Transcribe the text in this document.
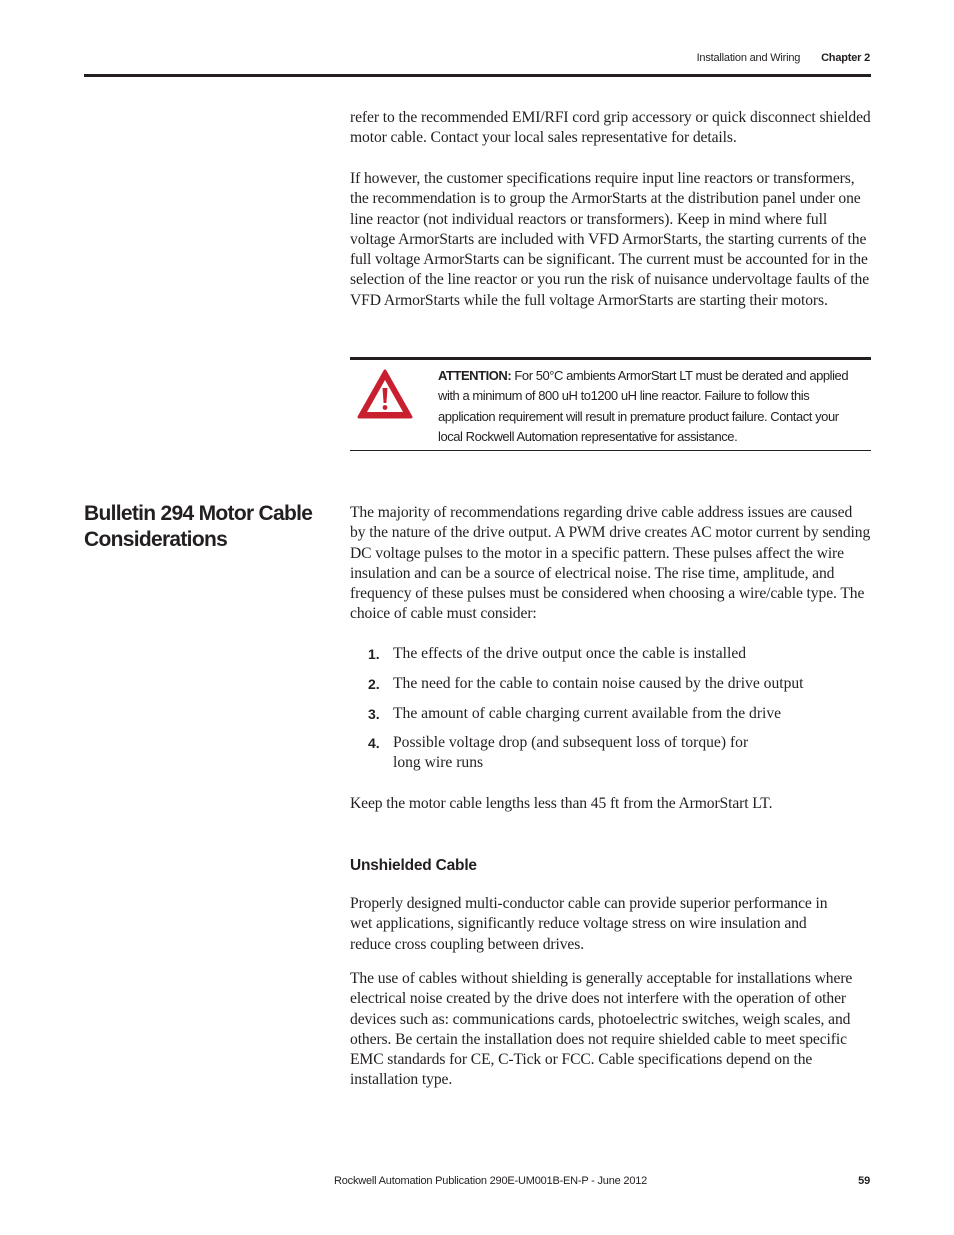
Installation and Wiring Chapter 2

refer to the recommended EMI/RFI cord grip accessory or quick disconnect shielded motor cable. Contact your local sales representative for details.

If however, the customer specifications require input line reactors or transformers, the recommendation is to group the ArmorStarts at the distribution panel under one line reactor (not individual reactors or transformers). Keep in mind where full voltage ArmorStarts are included with VFD ArmorStarts, the starting currents of the full voltage ArmorStarts can be significant. The current must be accounted for in the selection of the line reactor or you run the risk of nuisance undervoltage faults of the VFD ArmorStarts while the full voltage ArmorStarts are starting their motors.

ATTENTION: For 50°C ambients ArmorStart LT must be derated and applied with a minimum of 800 uH to1200 uH line reactor. Failure to follow this application requirement will result in premature product failure. Contact your local Rockwell Automation representative for assistance.
Bulletin 294 Motor Cable Considerations

The majority of recommendations regarding drive cable address issues are caused by the nature of the drive output. A PWM drive creates AC motor current by sending DC voltage pulses to the motor in a specific pattern. These pulses affect the wire insulation and can be a source of electrical noise. The rise time, amplitude, and frequency of these pulses must be considered when choosing a wire/cable type. The choice of cable must consider:

1. The effects of the drive output once the cable is installed
2. The need for the cable to contain noise caused by the drive output
3. The amount of cable charging current available from the drive
4. Possible voltage drop (and subsequent loss of torque) for long wire runs

Keep the motor cable lengths less than 45 ft from the ArmorStart LT.

Unshielded Cable

Properly designed multi-conductor cable can provide superior performance in wet applications, significantly reduce voltage stress on wire insulation and reduce cross coupling between drives.

The use of cables without shielding is generally acceptable for installations where electrical noise created by the drive does not interfere with the operation of other devices such as: communications cards, photoelectric switches, weigh scales, and others. Be certain the installation does not require shielded cable to meet specific EMC standards for CE, C-Tick or FCC. Cable specifications depend on the installation type.

Rockwell Automation Publication 290E-UM001B-EN-P - June 2012	59
